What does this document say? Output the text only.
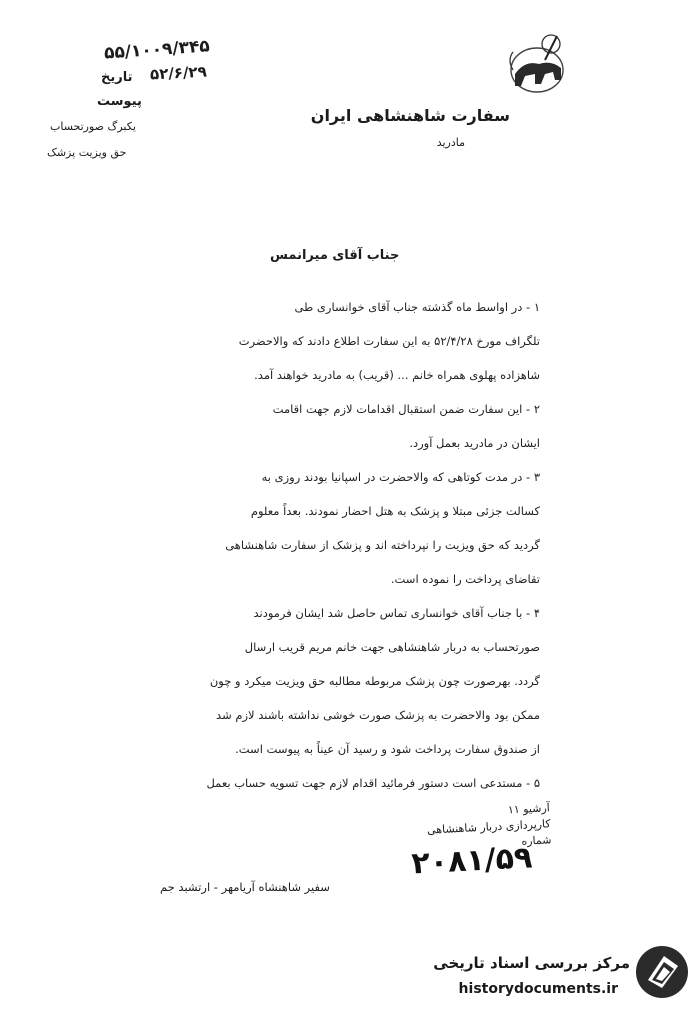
سفارت شاهنشاهی ایران
مادرید
۵۵/۱۰۰۹/۳۴۵
۵۲/۶/۲۹
تاریخ
پیوست
یکبرگ صورتحساب
حق ویزیت پزشک
جناب آقای میرانمس
۱ - در اواسط ماه گذشته جناب آقای خوانساری طی
تلگراف مورخ ۵۲/۴/۲۸ به این سفارت اطلاع دادند که والاحضرت
شاهزاده پهلوی همراه خانم ... (قریب) به مادرید خواهند آمد.
۲ - این سفارت ضمن استقبال اقدامات لازم جهت اقامت
ایشان در مادرید بعمل آورد.
۳ - در مدت کوتاهی که والاحضرت در اسپانیا بودند روزی به
کسالت جزئی مبتلا و پزشک به هتل احضار نمودند. بعداً معلوم
گردید که حق ویزیت را نپرداخته اند و پزشک از سفارت شاهنشاهی
تقاضای پرداخت را نموده است.
۴ - با جناب آقای خوانساری تماس حاصل شد ایشان فرمودند
صورتحساب به دربار شاهنشاهی جهت خانم مریم قریب ارسال
گردد. بهرصورت چون پزشک مربوطه مطالبه حق ویزیت میکرد و چون
ممکن بود والاحضرت به پزشک صورت خوشی نداشته باشند لازم شد
از صندوق سفارت پرداخت شود و رسید آن عیناً به پیوست است.
۵ - مستدعی است دستور فرمائید اقدام لازم جهت تسویه حساب بعمل
آرشیو ۱۱
کارپردازی دربار شاهنشاهی
شماره
۲۰۸۱/۵۹
سفیر شاهنشاه آریامهر - ارتشبد جم
مرکز بررسی اسناد تاریخی
historydocuments.ir
